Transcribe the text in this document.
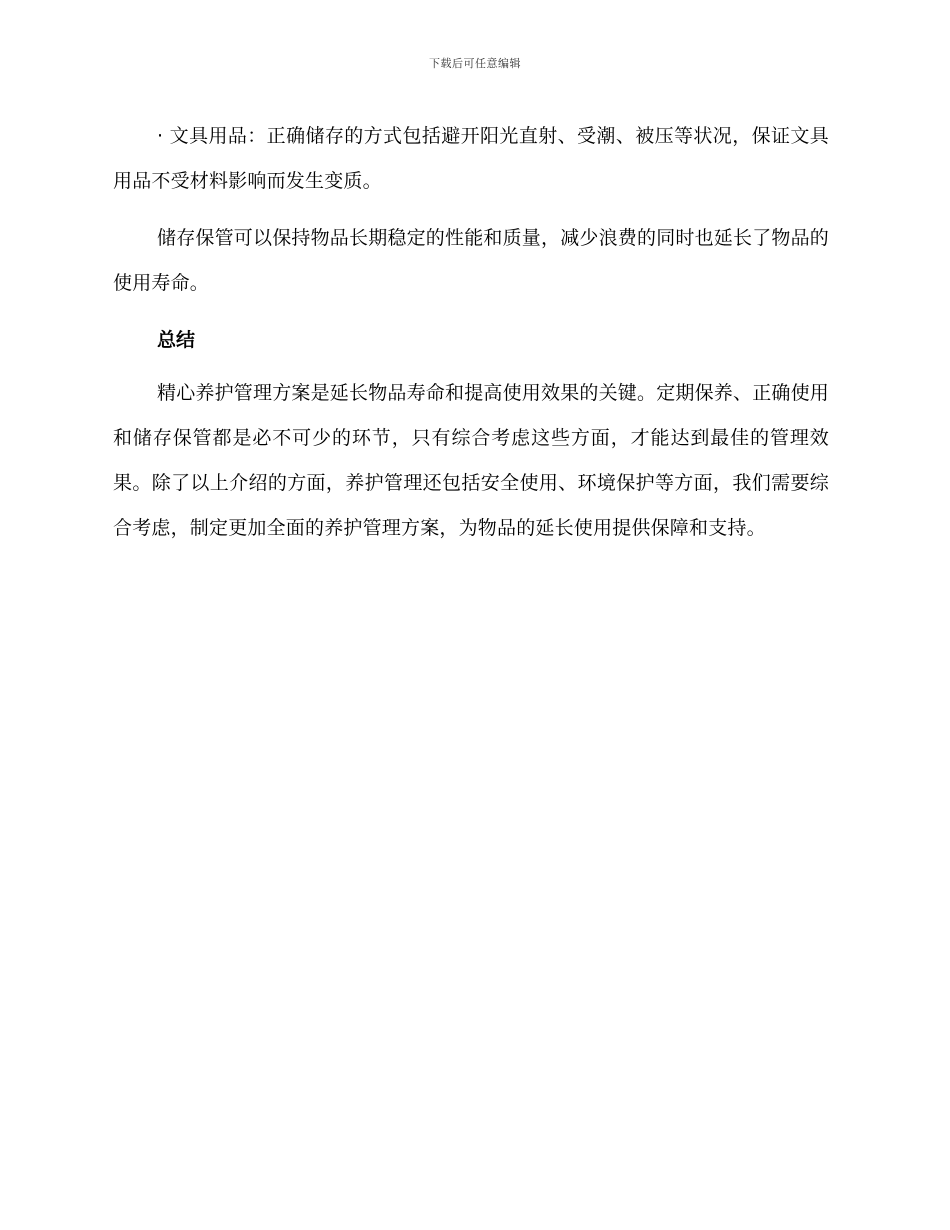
下载后可任意编辑

· 文具用品：正确储存的方式包括避开阳光直射、受潮、被压等状况，保证文具用品不受材料影响而发生变质。

储存保管可以保持物品长期稳定的性能和质量，减少浪费的同时也延长了物品的使用寿命。

总结

精心养护管理方案是延长物品寿命和提高使用效果的关键。定期保养、正确使用和储存保管都是必不可少的环节，只有综合考虑这些方面，才能达到最佳的管理效果。除了以上介绍的方面，养护管理还包括安全使用、环境保护等方面，我们需要综合考虑，制定更加全面的养护管理方案，为物品的延长使用提供保障和支持。
